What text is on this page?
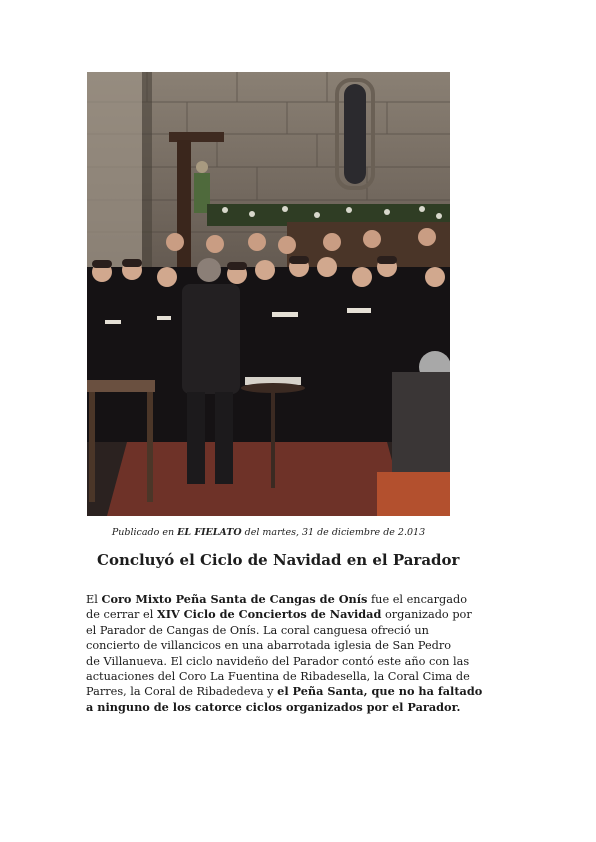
Publicado en EL FIELATO del martes, 31 de diciembre de 2.013
Concluyó el Ciclo de Navidad en el Parador
El Coro Mixto Peña Santa de Cangas de Onís fue el encargado
de cerrar el XIV Ciclo de Conciertos de Navidad organizado por
el Parador de Cangas de Onís. La coral canguesa ofreció un
concierto de villancicos en una abarrotada iglesia de San Pedro
de Villanueva. El ciclo navideño del Parador contó este año con las
actuaciones del Coro La Fuentina de Ribadesella, la Coral Cima de
Parres, la Coral de Ribadedeva y el Peña Santa, que no ha faltado
a ninguno de los catorce ciclos organizados por el Parador.
